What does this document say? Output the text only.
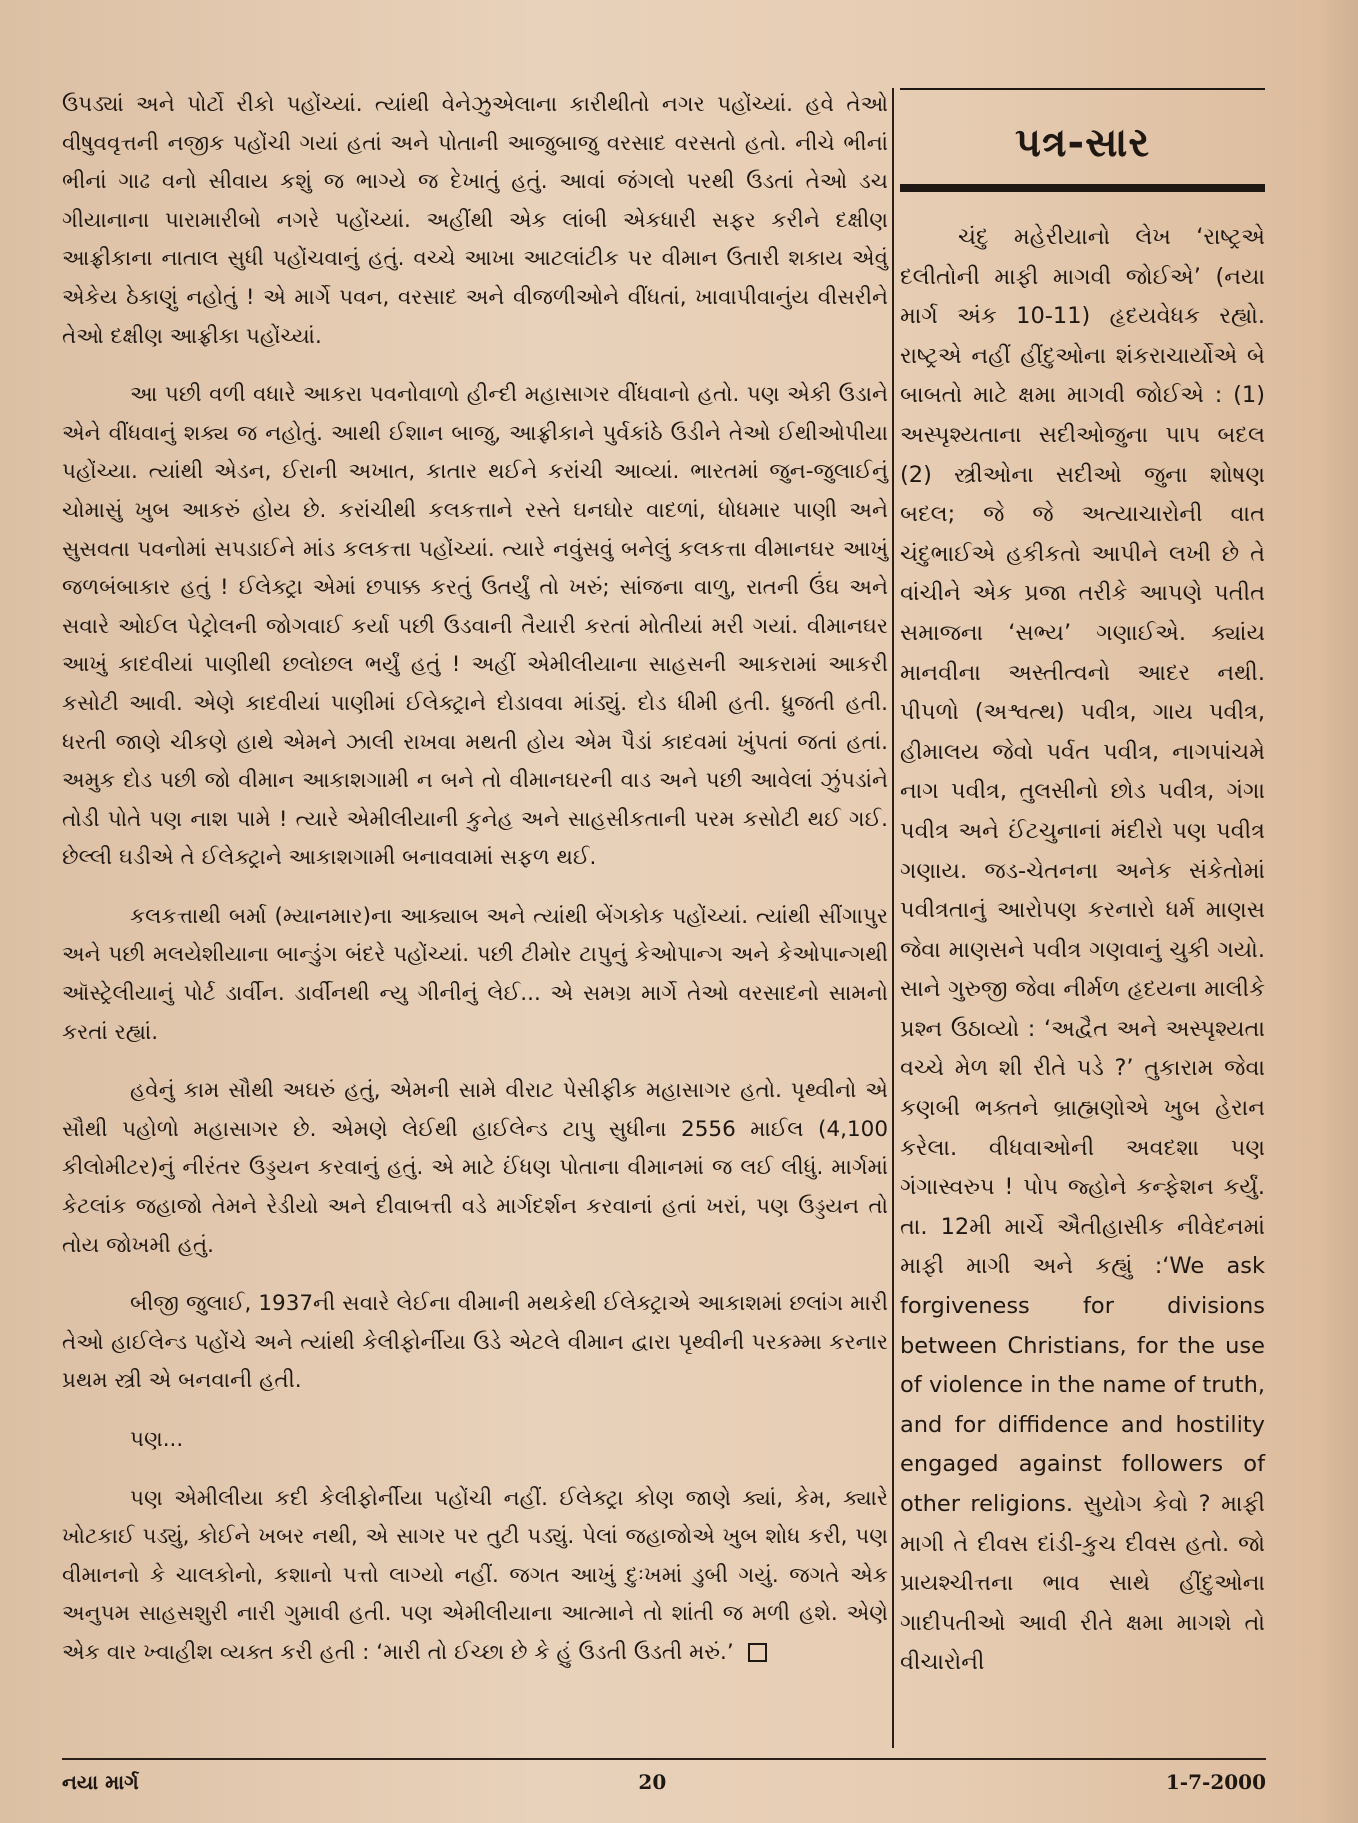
ઉપડ્યાં અને પોર્ટો રીકો પહોંચ્યાં. ત્યાંથી વેનેઝુએલાના કારીથીતો નગર પહોંચ્યાં. હવે તેઓ વીષુવવૃત્તની નજીક પહોંચી ગયાં હતાં અને પોતાની આજુબાજુ વરસાદ વરસતો હતો. નીચે ભીનાં ભીનાં ગાઢ વનો સીવાય કશું જ ભાગ્યે જ દેખાતું હતું. આવાં જંગલો પરથી ઉડતાં તેઓ ડચ ગીયાનાના પારામારીબો નગરે પહોંચ્યાં. અહીંથી એક લાંબી એકધારી સફર કરીને દક્ષીણ આફ્રીકાના નાતાલ સુધી પહોંચવાનું હતું. વચ્ચે આખા આટલાંટીક પર વીમાન ઉતારી શકાય એવું એકેય ઠેકાણું નહોતું ! એ માર્ગે પવન, વરસાદ અને વીજળીઓને વીંધતાં, ખાવાપીવાનુંય વીસરીને તેઓ દક્ષીણ આફ્રીકા પહોંચ્યાં.

આ પછી વળી વધારે આકરા પવનોવાળો હીન્દી મહાસાગર વીંધવાનો હતો. પણ એકી ઉડાને એને વીંધવાનું શક્ય જ નહોતું. આથી ઈશાન બાજુ, આફ્રીકાને પુર્વકાંઠે ઉડીને તેઓ ઈથીઓપીયા પહોંચ્યા. ત્યાંથી એડન, ઈરાની અખાત, કાતાર થઈને કરાંચી આવ્યાં. ભારતમાં જુન-જુલાઈનું ચોમાસું ખુબ આકરું હોય છે. કરાંચીથી કલકત્તાને રસ્તે ઘનઘોર વાદળાં, ધોધમાર પાણી અને સુસવતા પવનોમાં સપડાઈને માંડ કલકત્તા પહોંચ્યાં. ત્યારે નવુંસવું બનેલું કલકત્તા વીમાનઘર આખું જળબંબાકાર હતું ! ઈલેક્ટ્રા એમાં છપાક્ક કરતું ઉતર્યું તો ખરું; સાંજના વાળુ, રાતની ઉંઘ અને સવારે ઓઈલ પેટ્રોલની જોગવાઈ કર્યા પછી ઉડવાની તૈયારી કરતાં મોતીયાં મરી ગયાં. વીમાનઘર આખું કાદવીયાં પાણીથી છલોછલ ભર્યું હતું ! અહીં એમીલીયાના સાહસની આકરામાં આકરી કસોટી આવી. એણે કાદવીયાં પાણીમાં ઈલેક્ટ્રાને દોડાવવા માંડ્યું. દોડ ધીમી હતી. ધ્રુજતી હતી. ધરતી જાણે ચીકણે હાથે એમને ઝાલી રાખવા મથતી હોય એમ પૈડાં કાદવમાં ખુંપતાં જતાં હતાં. અમુક દોડ પછી જો વીમાન આકાશગામી ન બને તો વીમાનઘરની વાડ અને પછી આવેલાં ઝુંપડાંને તોડી પોતે પણ નાશ પામે ! ત્યારે એમીલીયાની કુનેહ અને સાહસીકતાની પરમ કસોટી થઈ ગઈ. છેલ્લી ઘડીએ તે ઈલેક્ટ્રાને આકાશગામી બનાવવામાં સફળ થઈ.

કલકત્તાથી બર્મા (મ્યાનમાર)ના આક્યાબ અને ત્યાંથી બેંગકોક પહોંચ્યાં. ત્યાંથી સીંગાપુર અને પછી મલયેશીયાના બાન્ડુંગ બંદરે પહોંચ્યાં. પછી ટીમોર ટાપુનું કેઓપાન્ગ અને કેઓપાન્ગથી ઑસ્ટ્રેલીયાનું પોર્ટ ડાર્વીન. ડાર્વીનથી ન્યુ ગીનીનું લેઈ... એ સમગ્ર માર્ગે તેઓ વરસાદનો સામનો કરતાં રહ્યાં.

હવેનું કામ સૌથી અઘરું હતું, એમની સામે વીરાટ પેસીફીક મહાસાગર હતો. પૃથ્વીનો એ સૌથી પહોળો મહાસાગર છે. એમણે લેઈથી હાઈલેન્ડ ટાપુ સુધીના 2556 માઈલ (4,100 કીલોમીટર)નું નીરંતર ઉડ્ડયન કરવાનું હતું. એ માટે ઈંધણ પોતાના વીમાનમાં જ લઈ લીધું. માર્ગમાં કેટલાંક જહાજો તેમને રેડીયો અને દીવાબત્તી વડે માર્ગદર્શન કરવાનાં હતાં ખરાં, પણ ઉડ્ડયન તો તોય જોખમી હતું.

બીજી જુલાઈ, 1937ની સવારે લેઈના વીમાની મથકેથી ઈલેક્ટ્રાએ આકાશમાં છલાંગ મારી તેઓ હાઈલેન્ડ પહોંચે અને ત્યાંથી કેલીફોર્નીયા ઉડે એટલે વીમાન દ્વારા પૃથ્વીની પરકમ્મા કરનાર પ્રથમ સ્ત્રી એ બનવાની હતી.

પણ...

પણ એમીલીયા કદી કેલીફોર્નીયા પહોંચી નહીં. ઈલેક્ટ્રા કોણ જાણે ક્યાં, કેમ, ક્યારે ખોટકાઈ પડ્યું, કોઈને ખબર નથી, એ સાગર પર તુટી પડ્યું. પેલાં જહાજોએ ખુબ શોધ કરી, પણ વીમાનનો કે ચાલકોનો, કશાનો પત્તો લાગ્યો નહીં. જગત આખું દુઃખમાં ડુબી ગયું. જગતે એક અનુપમ સાહસશુરી નારી ગુમાવી હતી. પણ એમીલીયાના આત્માને તો શાંતી જ મળી હશે. એણે એક વાર ખ્વાહીશ વ્યક્ત કરી હતી : ‘મારી તો ઈચ્છા છે કે હું ઉડતી ઉડતી મરું.’

પત્ર-સાર
ચંદુ મહેરીયાનો લેખ ‘રાષ્ટ્રએ દલીતોની માફી માગવી જોઈએ’ (નયા માર્ગ અંક 10-11) હૃદયવેધક રહ્યો. રાષ્ટ્રએ નહીં હીંદુઓના શંકરાચાર્યોએ બે બાબતો માટે ક્ષમા માગવી જોઈએ : (1) અસ્પૃશ્યતાના સદીઓજુના પાપ બદલ (2) સ્ત્રીઓના સદીઓ જુના શોષણ બદલ; જે જે અત્યાચારોની વાત ચંદુભાઈએ હકીકતો આપીને લખી છે તે વાંચીને એક પ્રજા તરીકે આપણે પતીત સમાજના ‘સભ્ય’ ગણાઈએ. ક્યાંય માનવીના અસ્તીત્વનો આદર નથી. પીપળો (અશ્વત્થ) પવીત્ર, ગાય પવીત્ર, હીમાલય જેવો પર્વત પવીત્ર, નાગપાંચમે નાગ પવીત્ર, તુલસીનો છોડ પવીત્ર, ગંગા પવીત્ર અને ઈંટચુનાનાં મંદીરો પણ પવીત્ર ગણાય. જડ-ચેતનના અનેક સંકેતોમાં પવીત્રતાનું આરોપણ કરનારો ધર્મ માણસ જેવા માણસને પવીત્ર ગણવાનું ચુકી ગયો. સાને ગુરુજી જેવા નીર્મળ હૃદયના માલીકે પ્રશ્ન ઉઠાવ્યો : ‘અદ્વૈત અને અસ્પૃશ્યતા વચ્ચે મેળ શી રીતે પડે ?’ તુકારામ જેવા કણબી ભક્તને બ્રાહ્મણોએ ખુબ હેરાન કરેલા. વીધવાઓની અવદશા પણ ગંગાસ્વરુપ ! પોપ જ્હોને કન્ફેશન કર્યું. તા. 12મી માર્ચે ઐતીહાસીક નીવેદનમાં માફી માગી અને કહ્યું :‘We ask forgiveness for divisions between Christians, for the use of violence in the name of truth, and for diffidence and hostility engaged against followers of other religions. સુયોગ કેવો ? માફી માગી તે દીવસ દાંડી-કુચ દીવસ હતો. જો પ્રાયશ્ચીત્તના ભાવ સાથે હીંદુઓના ગાદીપતીઓ આવી રીતે ક્ષમા માગશે તો વીચારોની
નયા માર્ગ	20	1-7-2000
